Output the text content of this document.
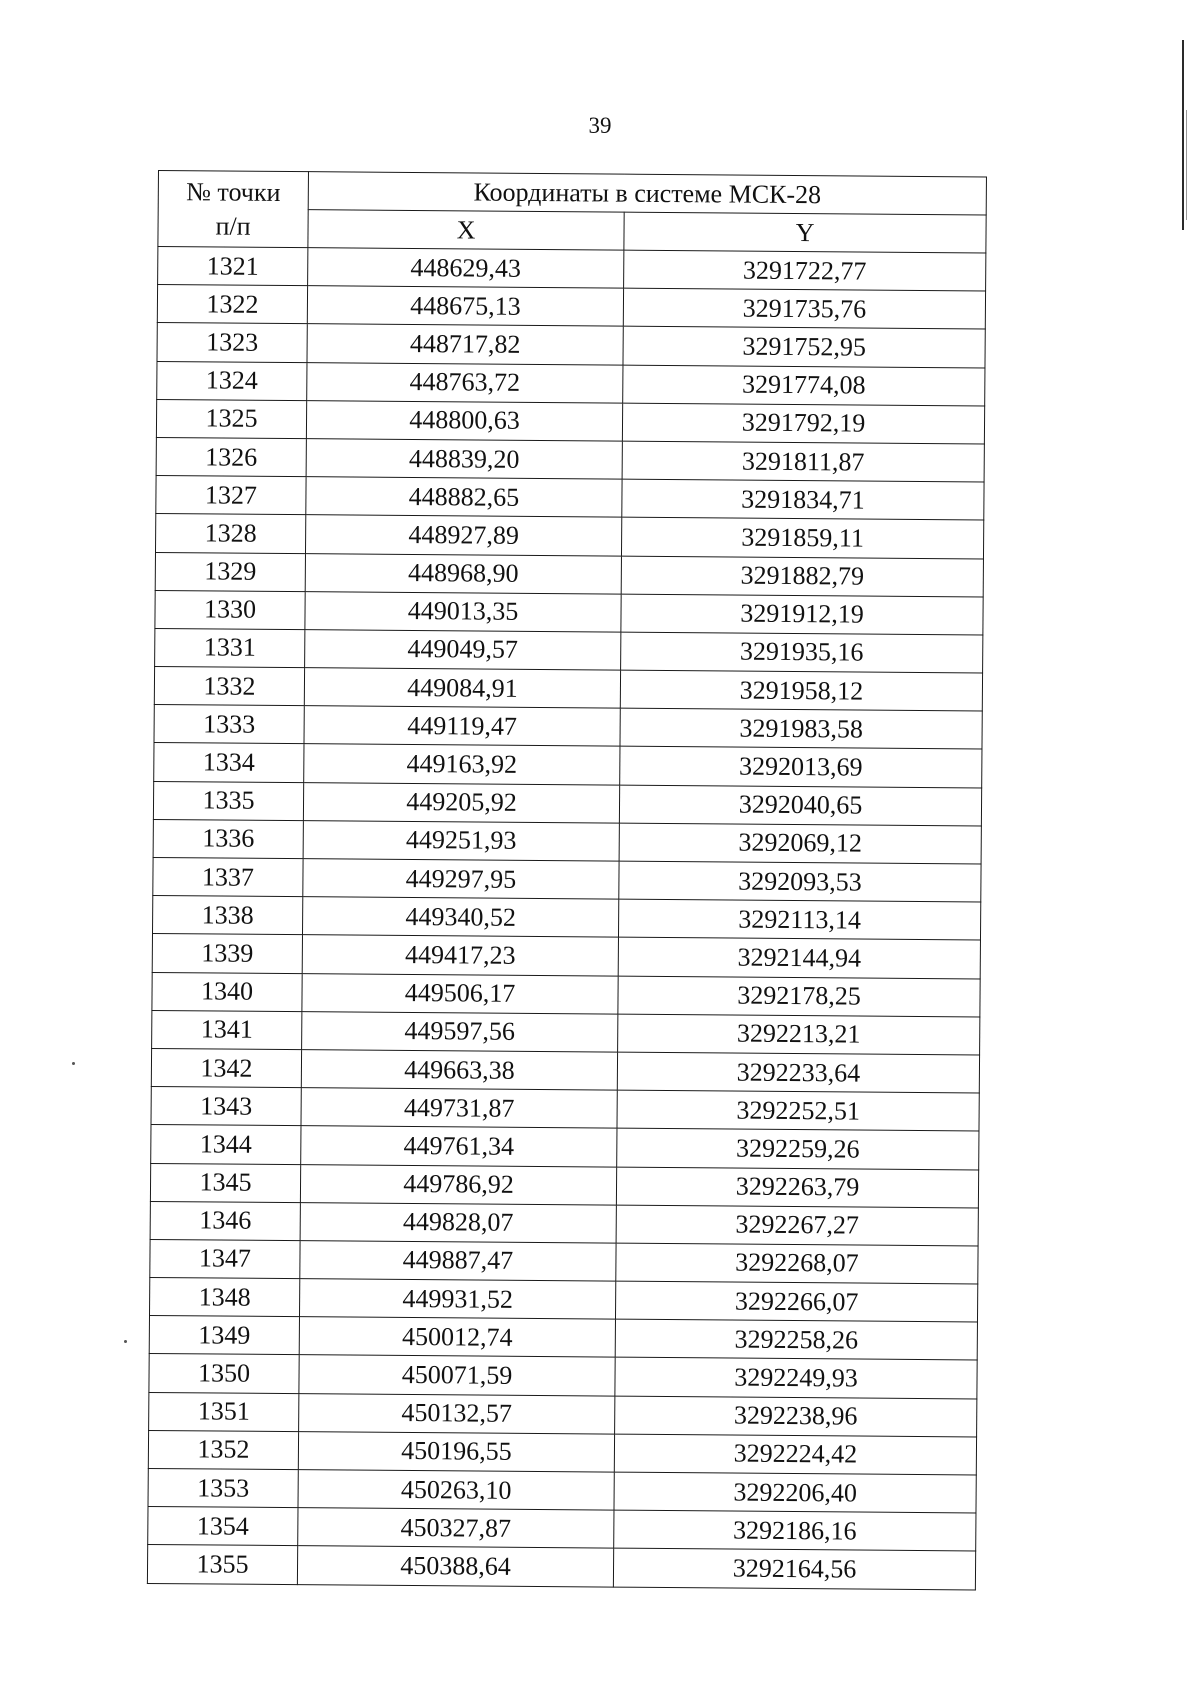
39
№ точки
п/п	Координаты в системе МСК-28	
	X	Y
1321	448629,43	3291722,77
1322	448675,13	3291735,76
1323	448717,82	3291752,95
1324	448763,72	3291774,08
1325	448800,63	3291792,19
1326	448839,20	3291811,87
1327	448882,65	3291834,71
1328	448927,89	3291859,11
1329	448968,90	3291882,79
1330	449013,35	3291912,19
1331	449049,57	3291935,16
1332	449084,91	3291958,12
1333	449119,47	3291983,58
1334	449163,92	3292013,69
1335	449205,92	3292040,65
1336	449251,93	3292069,12
1337	449297,95	3292093,53
1338	449340,52	3292113,14
1339	449417,23	3292144,94
1340	449506,17	3292178,25
1341	449597,56	3292213,21
1342	449663,38	3292233,64
1343	449731,87	3292252,51
1344	449761,34	3292259,26
1345	449786,92	3292263,79
1346	449828,07	3292267,27
1347	449887,47	3292268,07
1348	449931,52	3292266,07
1349	450012,74	3292258,26
1350	450071,59	3292249,93
1351	450132,57	3292238,96
1352	450196,55	3292224,42
1353	450263,10	3292206,40
1354	450327,87	3292186,16
1355	450388,64	3292164,56
